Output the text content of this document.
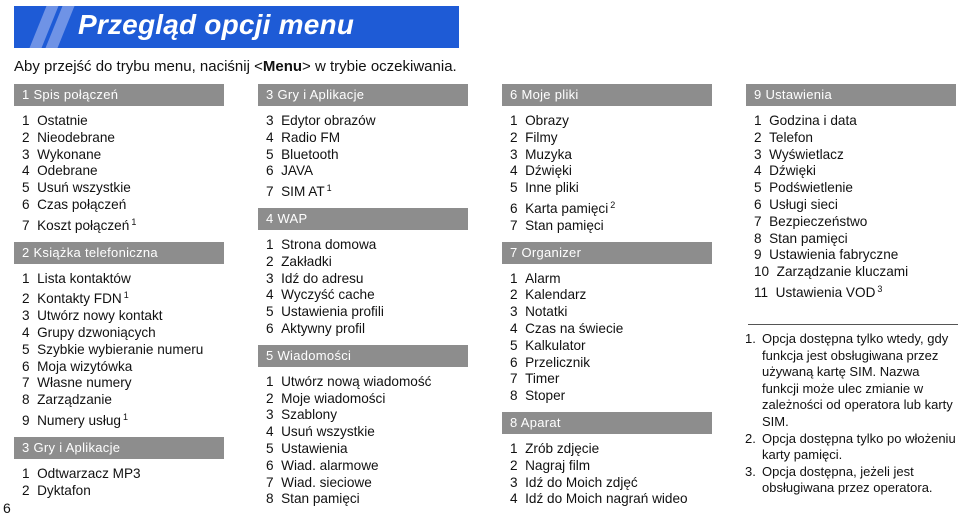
Przegląd opcji menu
Aby przejść do trybu menu, naciśnij <Menu> w trybie oczekiwania.
1 Spis połączeń
1  Ostatnie
2  Nieodebrane
3  Wykonane
4  Odebrane
5  Usuń wszystkie
6  Czas połączeń
7  Koszt połączeń $^1$
2 Książka telefoniczna
1  Lista kontaktów
2  Kontakty FDN $^1$
3  Utwórz nowy kontakt
4  Grupy dzwoniących
5  Szybkie wybieranie numeru
6  Moja wizytówka
7  Własne numery
8  Zarządzanie
9  Numery usług $^1$
3 Gry i Aplikacje
1  Odtwarzacz MP3
2  Dyktafon
3 Gry i Aplikacje
3  Edytor obrazów
4  Radio FM
5  Bluetooth
6  JAVA
7  SIM AT $^1$
4 WAP
1  Strona domowa
2  Zakładki
3  Idź do adresu
4  Wyczyść cache
5  Ustawienia profili
6  Aktywny profil
5 Wiadomości
1  Utwórz nową wiadomość
2  Moje wiadomości
3  Szablony
4  Usuń wszystkie
5  Ustawienia
6  Wiad. alarmowe
7  Wiad. sieciowe
8  Stan pamięci
6 Moje pliki
1  Obrazy
2  Filmy
3  Muzyka
4  Dźwięki
5  Inne pliki
6  Karta pamięci $^2$
7  Stan pamięci
7 Organizer
1  Alarm
2  Kalendarz
3  Notatki
4  Czas na świecie
5  Kalkulator
6  Przelicznik
7  Timer
8  Stoper
8 Aparat
1  Zrób zdjęcie
2  Nagraj film
3  Idź do Moich zdjęć
4  Idź do Moich nagrań wideo
9 Ustawienia
1  Godzina i data
2  Telefon
3  Wyświetlacz
4  Dźwięki
5  Podświetlenie
6  Usługi sieci
7  Bezpieczeństwo
8  Stan pamięci
9  Ustawienia fabryczne
10  Zarządzanie kluczami
11  Ustawienia VOD $^3$
1. Opcja dostępna tylko wtedy, gdy funkcja jest obsługiwana przez używaną kartę SIM. Nazwa funkcji może ulec zmianie w zależności od operatora lub karty SIM.
2. Opcja dostępna tylko po włożeniu karty pamięci.
3. Opcja dostępna, jeżeli jest obsługiwana przez operatora.
6
